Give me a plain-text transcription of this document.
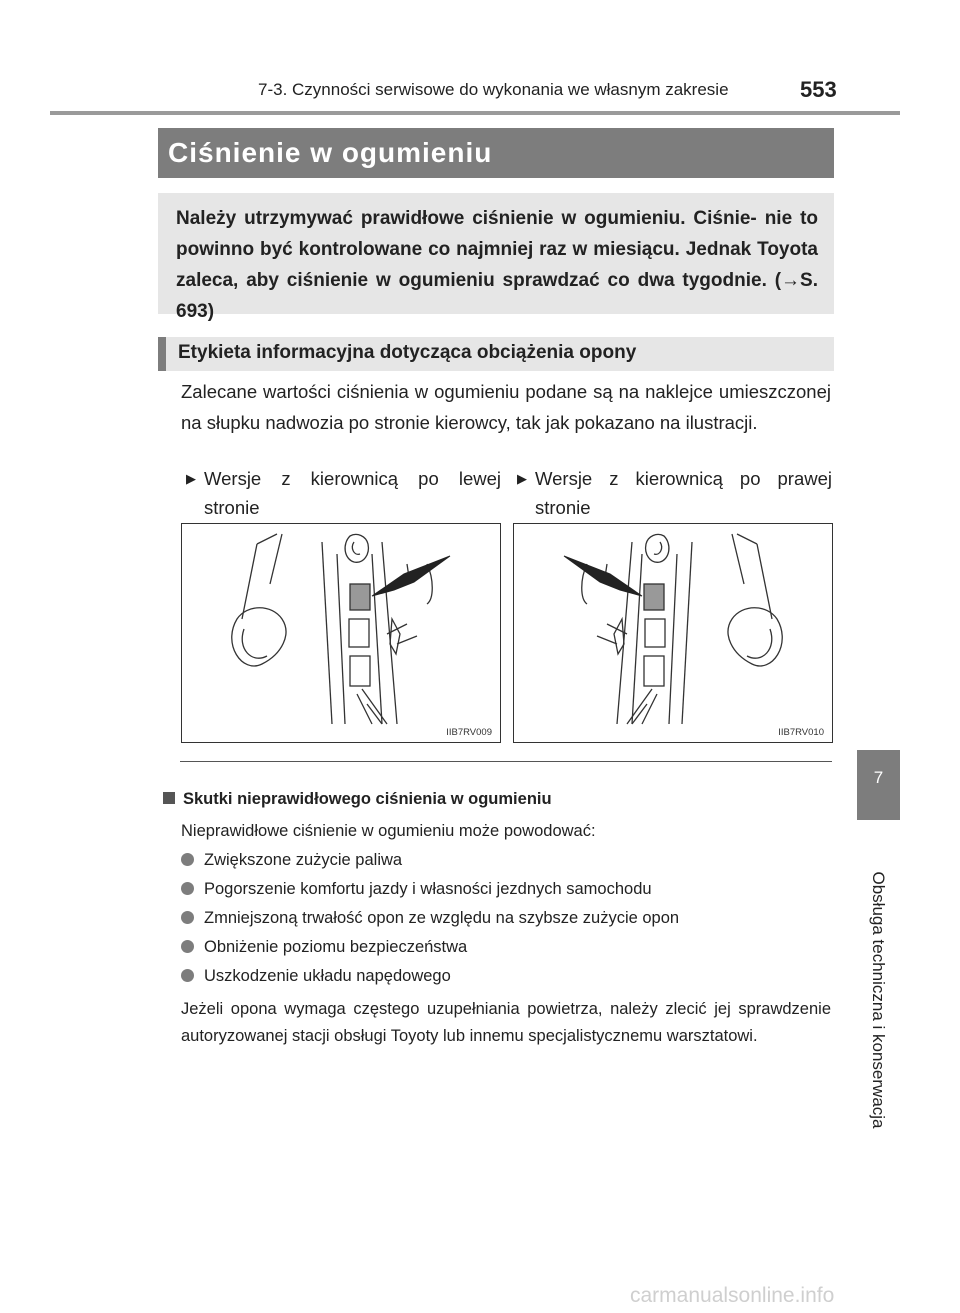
7-3. Czynności serwisowe do wykonania we własnym zakresie	553
Ciśnienie w ogumieniu

Należy utrzymywać prawidłowe ciśnienie w ogumieniu. Ciśnie- nie to powinno być kontrolowane co najmniej raz w miesiącu. Jednak Toyota zaleca, aby ciśnienie w ogumieniu sprawdzać co dwa tygodnie. (→S. 693)

Etykieta informacyjna dotycząca obciążenia opony

Zalecane wartości ciśnienia w ogumieniu podane są na naklejce umieszczonej na słupku nadwozia po stronie kierowcy, tak jak pokazano na ilustracji.

▶ Wersje z kierownicą po lewej stronie
▶ Wersje z kierownicą po prawej stronie
IIB7RV009	IIB7RV010
Skutki nieprawidłowego ciśnienia w ogumieniu
Nieprawidłowe ciśnienie w ogumieniu może powodować:
Zwiększone zużycie paliwa
Pogorszenie komfortu jazdy i własności jezdnych samochodu
Zmniejszoną trwałość opon ze względu na szybsze zużycie opon
Obniżenie poziomu bezpieczeństwa
Uszkodzenie układu napędowego

Jeżeli opona wymaga częstego uzupełniania powietrza, należy zlecić jej sprawdzenie autoryzowanej stacji obsługi Toyoty lub innemu specjalistycznemu warsztatowi.

7
Obsługa techniczna i konserwacja
carmanualsonline.info
